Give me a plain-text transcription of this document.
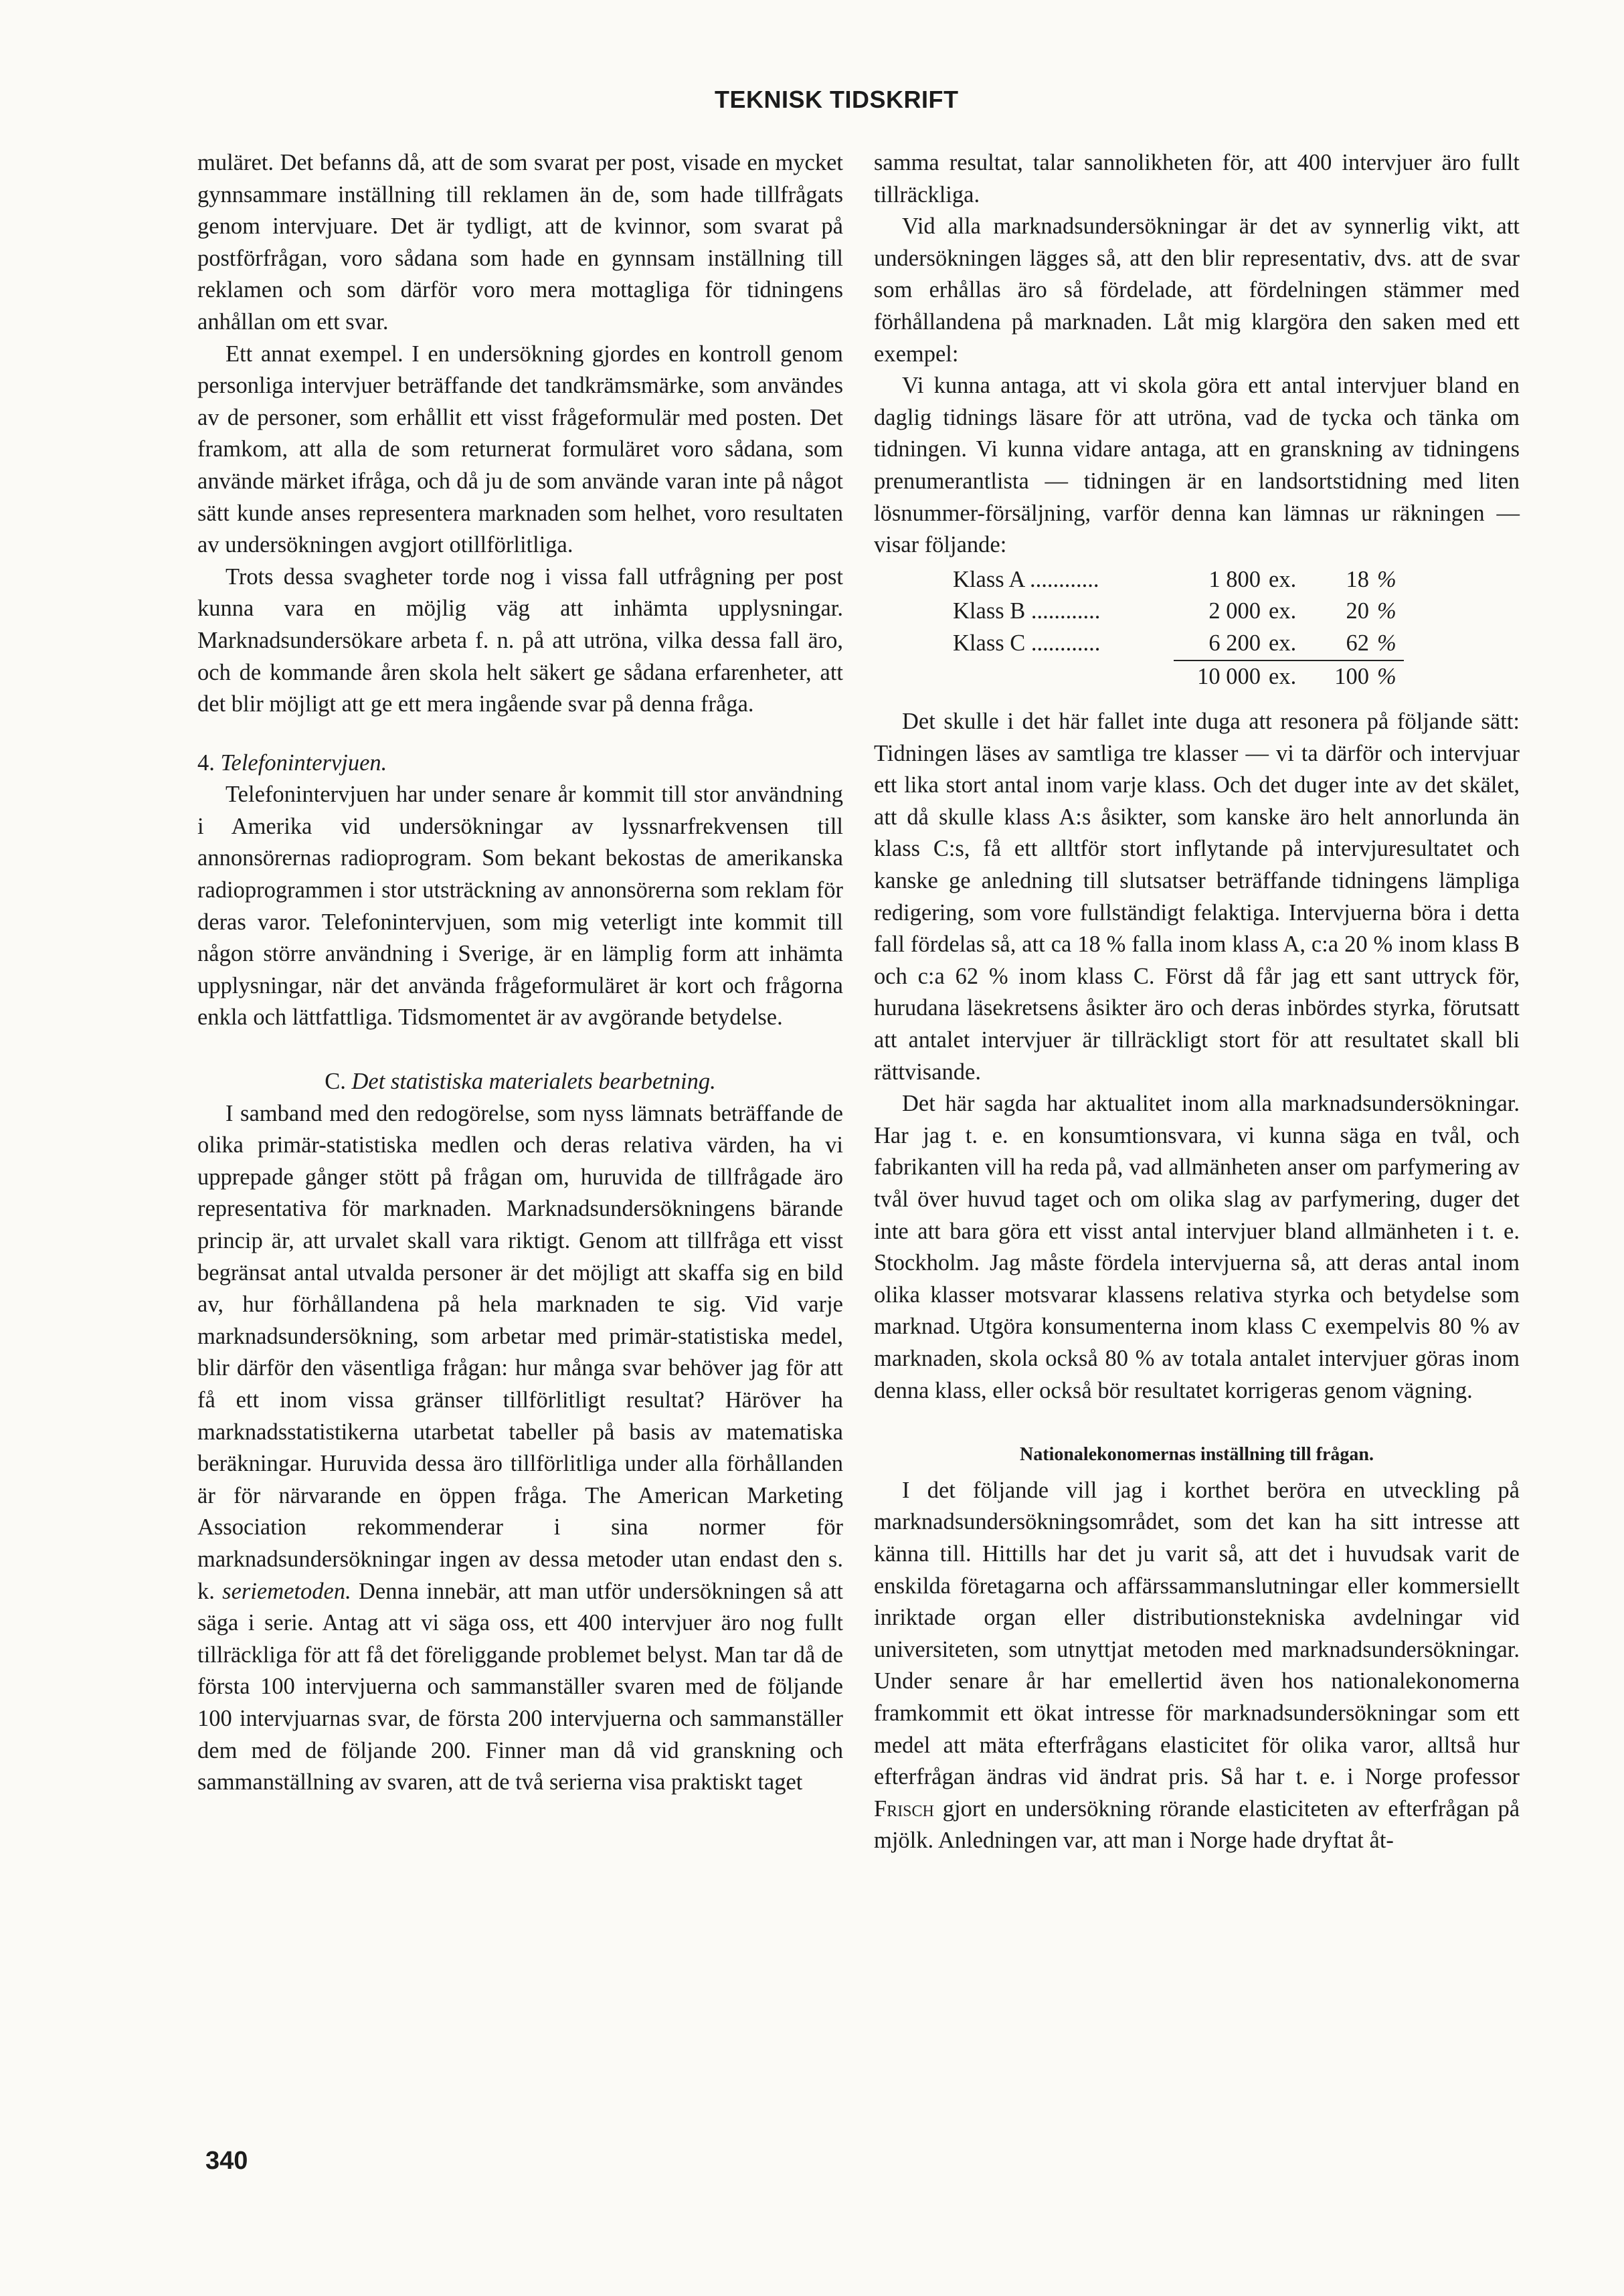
TEKNISK TIDSKRIFT

muläret. Det befanns då, att de som svarat per post, visade en mycket gynnsammare inställning till reklamen än de, som hade tillfrågats genom intervjuare. Det är tydligt, att de kvinnor, som svarat på postförfrågan, voro sådana som hade en gynnsam inställning till reklamen och som därför voro mera mottagliga för tidningens anhållan om ett svar.

Ett annat exempel. I en undersökning gjordes en kontroll genom personliga intervjuer beträffande det tandkrämsmärke, som användes av de personer, som erhållit ett visst frågeformulär med posten. Det framkom, att alla de som returnerat formuläret voro sådana, som använde märket ifråga, och då ju de som använde varan inte på något sätt kunde anses representera marknaden som helhet, voro resultaten av undersökningen avgjort otillförlitliga.

Trots dessa svagheter torde nog i vissa fall utfrågning per post kunna vara en möjlig väg att inhämta upplysningar. Marknadsundersökare arbeta f. n. på att utröna, vilka dessa fall äro, och de kommande åren skola helt säkert ge sådana erfarenheter, att det blir möjligt att ge ett mera ingående svar på denna fråga.

4. Telefonintervjuen.

Telefonintervjuen har under senare år kommit till stor användning i Amerika vid undersökningar av lyssnarfrekvensen till annonsörernas radioprogram. Som bekant bekostas de amerikanska radioprogrammen i stor utsträckning av annonsörerna som reklam för deras varor. Telefonintervjuen, som mig veterligt inte kommit till någon större användning i Sverige, är en lämplig form att inhämta upplysningar, när det använda frågeformuläret är kort och frågorna enkla och lättfattliga. Tidsmomentet är av avgörande betydelse.

C. Det statistiska materialets bearbetning.

I samband med den redogörelse, som nyss lämnats beträffande de olika primär-statistiska medlen och deras relativa värden, ha vi upprepade gånger stött på frågan om, huruvida de tillfrågade äro representativa för marknaden. Marknadsundersökningens bärande princip är, att urvalet skall vara riktigt. Genom att tillfråga ett visst begränsat antal utvalda personer är det möjligt att skaffa sig en bild av, hur förhållandena på hela marknaden te sig. Vid varje marknadsundersökning, som arbetar med primär-statistiska medel, blir därför den väsentliga frågan: hur många svar behöver jag för att få ett inom vissa gränser tillförlitligt resultat? Häröver ha marknadsstatistikerna utarbetat tabeller på basis av matematiska beräkningar. Huruvida dessa äro tillförlitliga under alla förhållanden är för närvarande en öppen fråga. The American Marketing Association rekommenderar i sina normer för marknadsundersökningar ingen av dessa metoder utan endast den s. k. seriemetoden. Denna innebär, att man utför undersökningen så att säga i serie. Antag att vi säga oss, ett 400 intervjuer äro nog fullt tillräckliga för att få det föreliggande problemet belyst. Man tar då de första 100 intervjuerna och sammanställer svaren med de följande 100 intervjuarnas svar, de första 200 intervjuerna och sammanställer dem med de följande 200. Finner man då vid granskning och sammanställning av svaren, att de två serierna visa praktiskt taget

samma resultat, talar sannolikheten för, att 400 intervjuer äro fullt tillräckliga.

Vid alla marknadsundersökningar är det av synnerlig vikt, att undersökningen lägges så, att den blir representativ, dvs. att de svar som erhållas äro så fördelade, att fördelningen stämmer med förhållandena på marknaden. Låt mig klargöra den saken med ett exempel:

Vi kunna antaga, att vi skola göra ett antal intervjuer bland en daglig tidnings läsare för att utröna, vad de tycka och tänka om tidningen. Vi kunna vidare antaga, att en granskning av tidningens prenumerantlista — tidningen är en landsortstidning med liten lösnummer-försäljning, varför denna kan lämnas ur räkningen — visar följande:

Klass A ............	1 800	ex.	18	%
Klass B ............	2 000	ex.	20	%
Klass C ............	6 200	ex.	62	%
	10 000	ex.	100	%

Det skulle i det här fallet inte duga att resonera på följande sätt: Tidningen läses av samtliga tre klasser — vi ta därför och intervjuar ett lika stort antal inom varje klass. Och det duger inte av det skälet, att då skulle klass A:s åsikter, som kanske äro helt annorlunda än klass C:s, få ett alltför stort inflytande på intervjuresultatet och kanske ge anledning till slutsatser beträffande tidningens lämpliga redigering, som vore fullständigt felaktiga. Intervjuerna böra i detta fall fördelas så, att ca 18 % falla inom klass A, c:a 20 % inom klass B och c:a 62 % inom klass C. Först då får jag ett sant uttryck för, hurudana läsekretsens åsikter äro och deras inbördes styrka, förutsatt att antalet intervjuer är tillräckligt stort för att resultatet skall bli rättvisande.

Det här sagda har aktualitet inom alla marknadsundersökningar. Har jag t. e. en konsumtionsvara, vi kunna säga en tvål, och fabrikanten vill ha reda på, vad allmänheten anser om parfymering av tvål över huvud taget och om olika slag av parfymering, duger det inte att bara göra ett visst antal intervjuer bland allmänheten i t. e. Stockholm. Jag måste fördela intervjuerna så, att deras antal inom olika klasser motsvarar klassens relativa styrka och betydelse som marknad. Utgöra konsumenterna inom klass C exempelvis 80 % av marknaden, skola också 80 % av totala antalet intervjuer göras inom denna klass, eller också bör resultatet korrigeras genom vägning.

Nationalekonomernas inställning till frågan.

I det följande vill jag i korthet beröra en utveckling på marknadsundersökningsområdet, som det kan ha sitt intresse att känna till. Hittills har det ju varit så, att det i huvudsak varit de enskilda företagarna och affärssammanslutningar eller kommersiellt inriktade organ eller distributionstekniska avdelningar vid universiteten, som utnyttjat metoden med marknadsundersökningar. Under senare år har emellertid även hos nationalekonomerna framkommit ett ökat intresse för marknadsundersökningar som ett medel att mäta efterfrågans elasticitet för olika varor, alltså hur efterfrågan ändras vid ändrat pris. Så har t. e. i Norge professor Frisch gjort en undersökning rörande elasticiteten av efterfrågan på mjölk. Anledningen var, att man i Norge hade dryftat åt-

340
